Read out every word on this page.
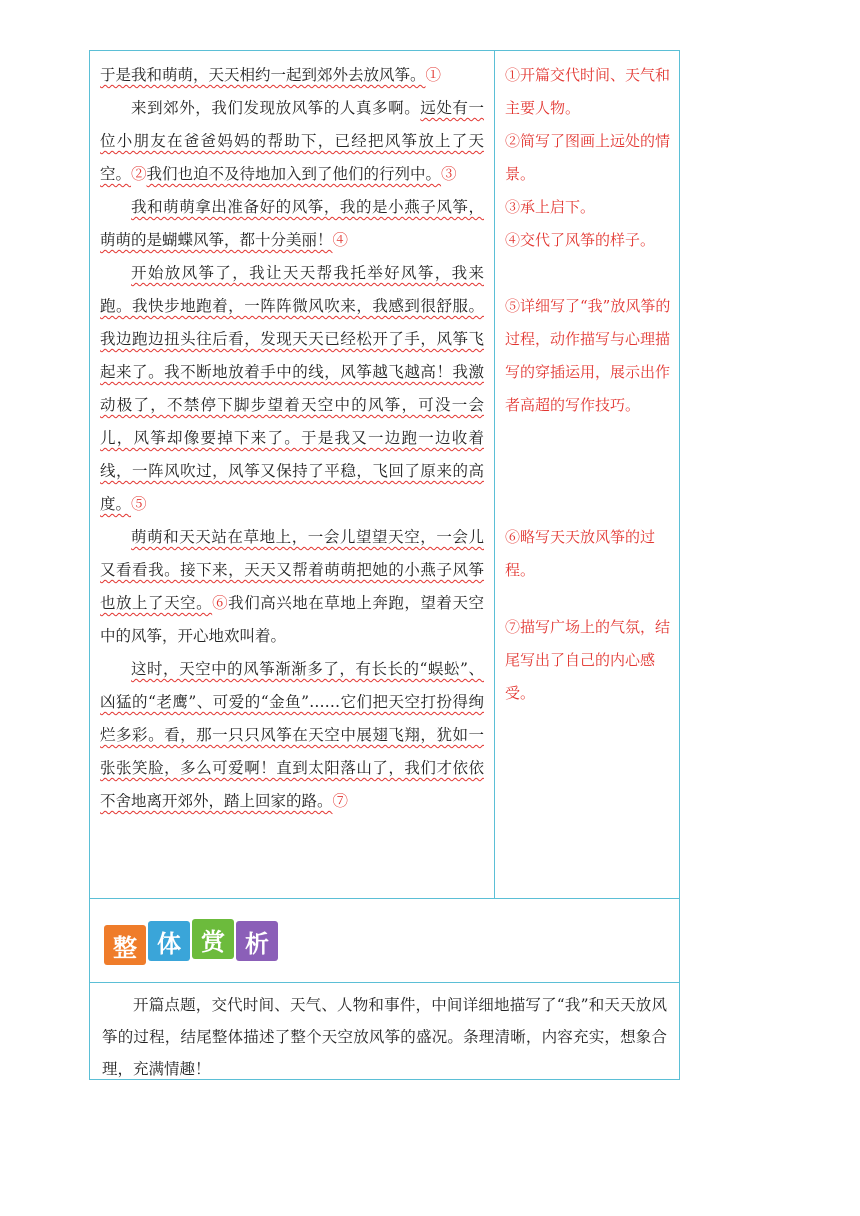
于是我和萌萌，天天相约一起到郊外去放风筝。①

来到郊外，我们发现放风筝的人真多啊。远处有一位小朋友在爸爸妈妈的帮助下，已经把风筝放上了天空。②我们也迫不及待地加入到了他们的行列中。③

我和萌萌拿出准备好的风筝，我的是小燕子风筝，萌萌的是蝴蝶风筝，都十分美丽！④

开始放风筝了，我让天天帮我托举好风筝，我来跑。我快步地跑着，一阵阵微风吹来，我感到很舒服。我边跑边扭头往后看，发现天天已经松开了手，风筝飞起来了。我不断地放着手中的线，风筝越飞越高！我激动极了，不禁停下脚步望着天空中的风筝，可没一会儿，风筝却像要掉下来了。于是我又一边跑一边收着线，一阵风吹过，风筝又保持了平稳，飞回了原来的高度。⑤

萌萌和天天站在草地上，一会儿望望天空，一会儿又看看我。接下来，天天又帮着萌萌把她的小燕子风筝也放上了天空。⑥我们高兴地在草地上奔跑，望着天空中的风筝，开心地欢叫着。

这时，天空中的风筝渐渐多了，有长长的“蜈蚣”、凶猛的“老鹰”、可爱的“金鱼”……它们把天空打扮得绚烂多彩。看，那一只只风筝在天空中展翅飞翔，犹如一张张笑脸，多么可爱啊！直到太阳落山了，我们才依依不舍地离开郊外，踏上回家的路。⑦

①开篇交代时间、天气和主要人物。
②简写了图画上远处的情景。
③承上启下。
④交代了风筝的样子。
⑤详细写了“我”放风筝的过程，动作描写与心理描写的穿插运用，展示出作者高超的写作技巧。
⑥略写天天放风筝的过程。
⑦描写广场上的气氛，结尾写出了自己的内心感受。
整 体 赏 析

开篇点题，交代时间、天气、人物和事件，中间详细地描写了“我”和天天放风筝的过程，结尾整体描述了整个天空放风筝的盛况。条理清晰，内容充实，想象合理，充满情趣！
